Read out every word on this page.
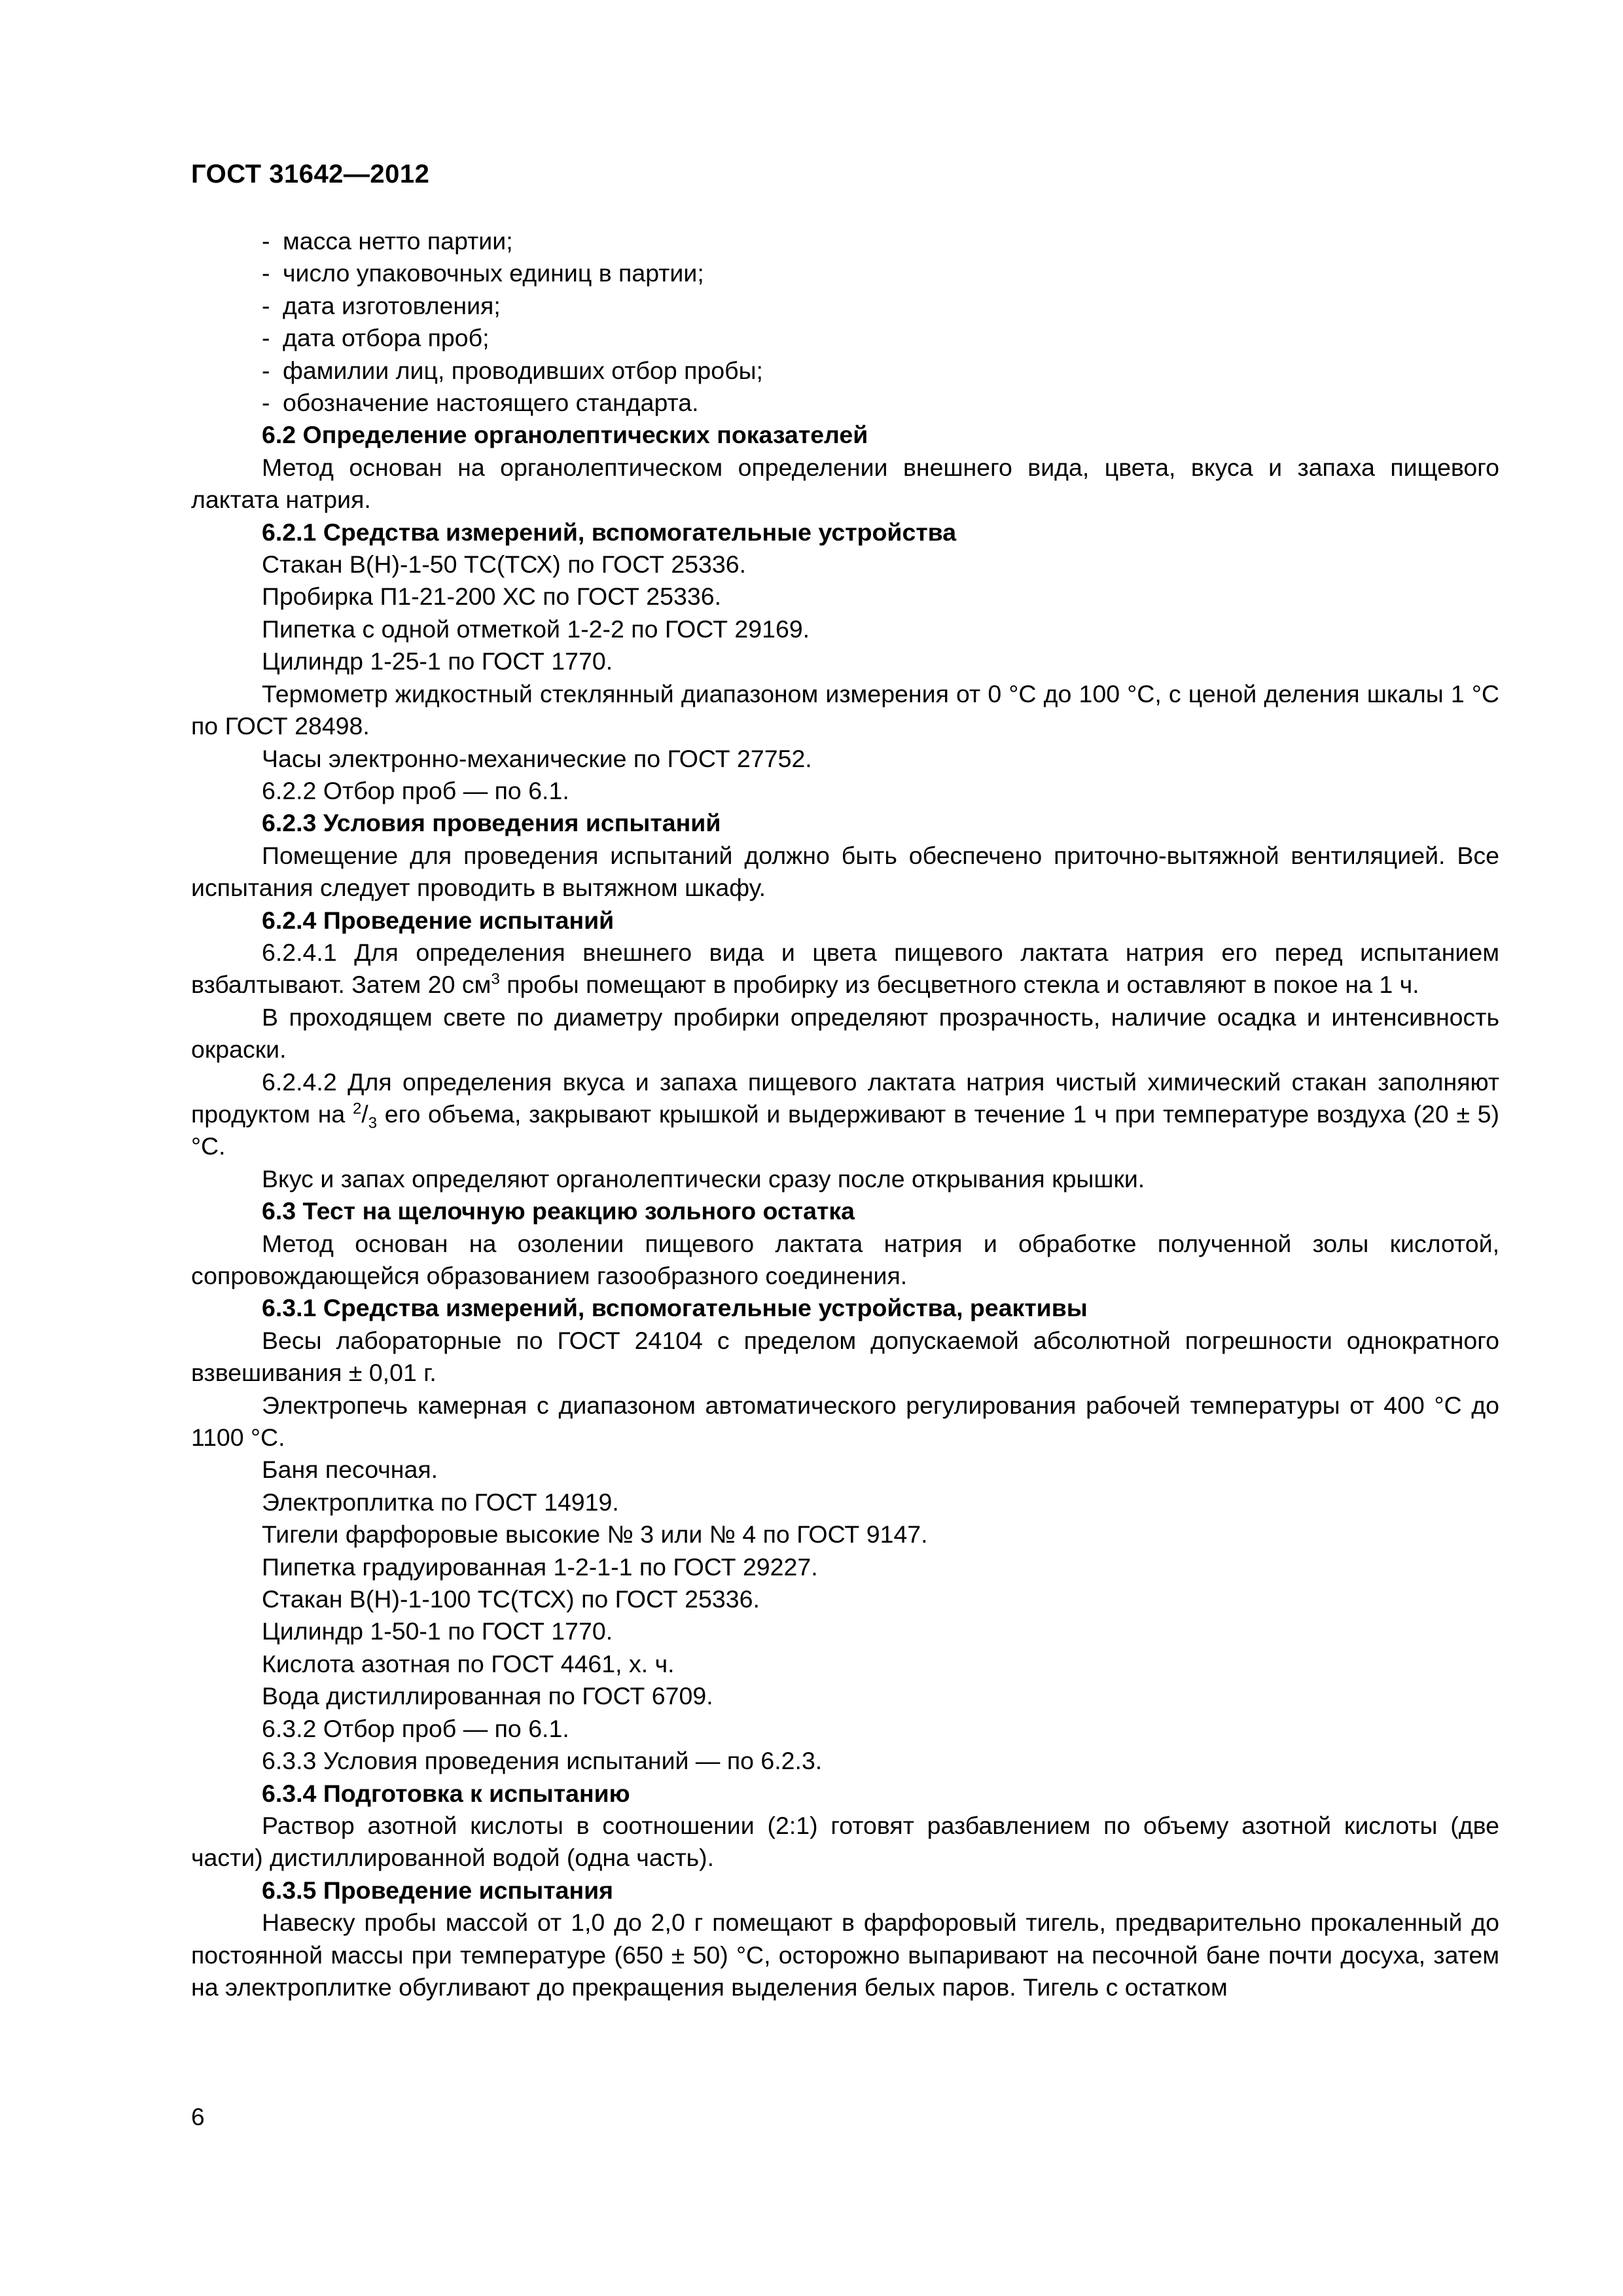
ГОСТ 31642—2012
- масса нетто партии;
- число упаковочных единиц в партии;
- дата изготовления;
- дата отбора проб;
- фамилии лиц, проводивших отбор пробы;
- обозначение настоящего стандарта.

6.2 Определение органолептических показателей

Метод основан на органолептическом определении внешнего вида, цвета, вкуса и запаха пищевого лактата натрия.

6.2.1 Средства измерений, вспомогательные устройства

Стакан В(Н)-1-50 ТС(ТСХ) по ГОСТ 25336.

Пробирка П1-21-200 ХС по ГОСТ 25336.

Пипетка с одной отметкой 1-2-2 по ГОСТ 29169.

Цилиндр 1-25-1 по ГОСТ 1770.

Термометр жидкостный стеклянный диапазоном измерения от 0 °С до 100 °С, с ценой деления шкалы 1 °С по ГОСТ 28498.

Часы электронно-механические по ГОСТ 27752.

6.2.2 Отбор проб — по 6.1.

6.2.3 Условия проведения испытаний

Помещение для проведения испытаний должно быть обеспечено приточно-вытяжной вентиляцией. Все испытания следует проводить в вытяжном шкафу.

6.2.4 Проведение испытаний

6.2.4.1 Для определения внешнего вида и цвета пищевого лактата натрия его перед испытанием взбалтывают. Затем 20 $см^3$ пробы помещают в пробирку из бесцветного стекла и оставляют в покое на 1 ч.

В проходящем свете по диаметру пробирки определяют прозрачность, наличие осадка и интенсивность окраски.

6.2.4.2 Для определения вкуса и запаха пищевого лактата натрия чистый химический стакан заполняют продуктом на $^2/_3$ его объема, закрывают крышкой и выдерживают в течение 1 ч при температуре воздуха (20 ± 5) °С.

Вкус и запах определяют органолептически сразу после открывания крышки.

6.3 Тест на щелочную реакцию зольного остатка

Метод основан на озолении пищевого лактата натрия и обработке полученной золы кислотой, сопровождающейся образованием газообразного соединения.

6.3.1 Средства измерений, вспомогательные устройства, реактивы

Весы лабораторные по ГОСТ 24104 с пределом допускаемой абсолютной погрешности однократного взвешивания ± 0,01 г.

Электропечь камерная с диапазоном автоматического регулирования рабочей температуры от 400 °С до 1100 °С.

Баня песочная.

Электроплитка по ГОСТ 14919.

Тигели фарфоровые высокие № 3 или № 4 по ГОСТ 9147.

Пипетка градуированная 1-2-1-1 по ГОСТ 29227.

Стакан В(Н)-1-100 ТС(ТСХ) по ГОСТ 25336.

Цилиндр 1-50-1 по ГОСТ 1770.

Кислота азотная по ГОСТ 4461, х. ч.

Вода дистиллированная по ГОСТ 6709.

6.3.2 Отбор проб — по 6.1.

6.3.3 Условия проведения испытаний — по 6.2.3.

6.3.4 Подготовка к испытанию

Раствор азотной кислоты в соотношении (2:1) готовят разбавлением по объему азотной кислоты (две части) дистиллированной водой (одна часть).

6.3.5 Проведение испытания

Навеску пробы массой от 1,0 до 2,0 г помещают в фарфоровый тигель, предварительно прокаленный до постоянной массы при температуре (650 ± 50) °С, осторожно выпаривают на песочной бане почти досуха, затем на электроплитке обугливают до прекращения выделения белых паров. Тигель с остатком

6
